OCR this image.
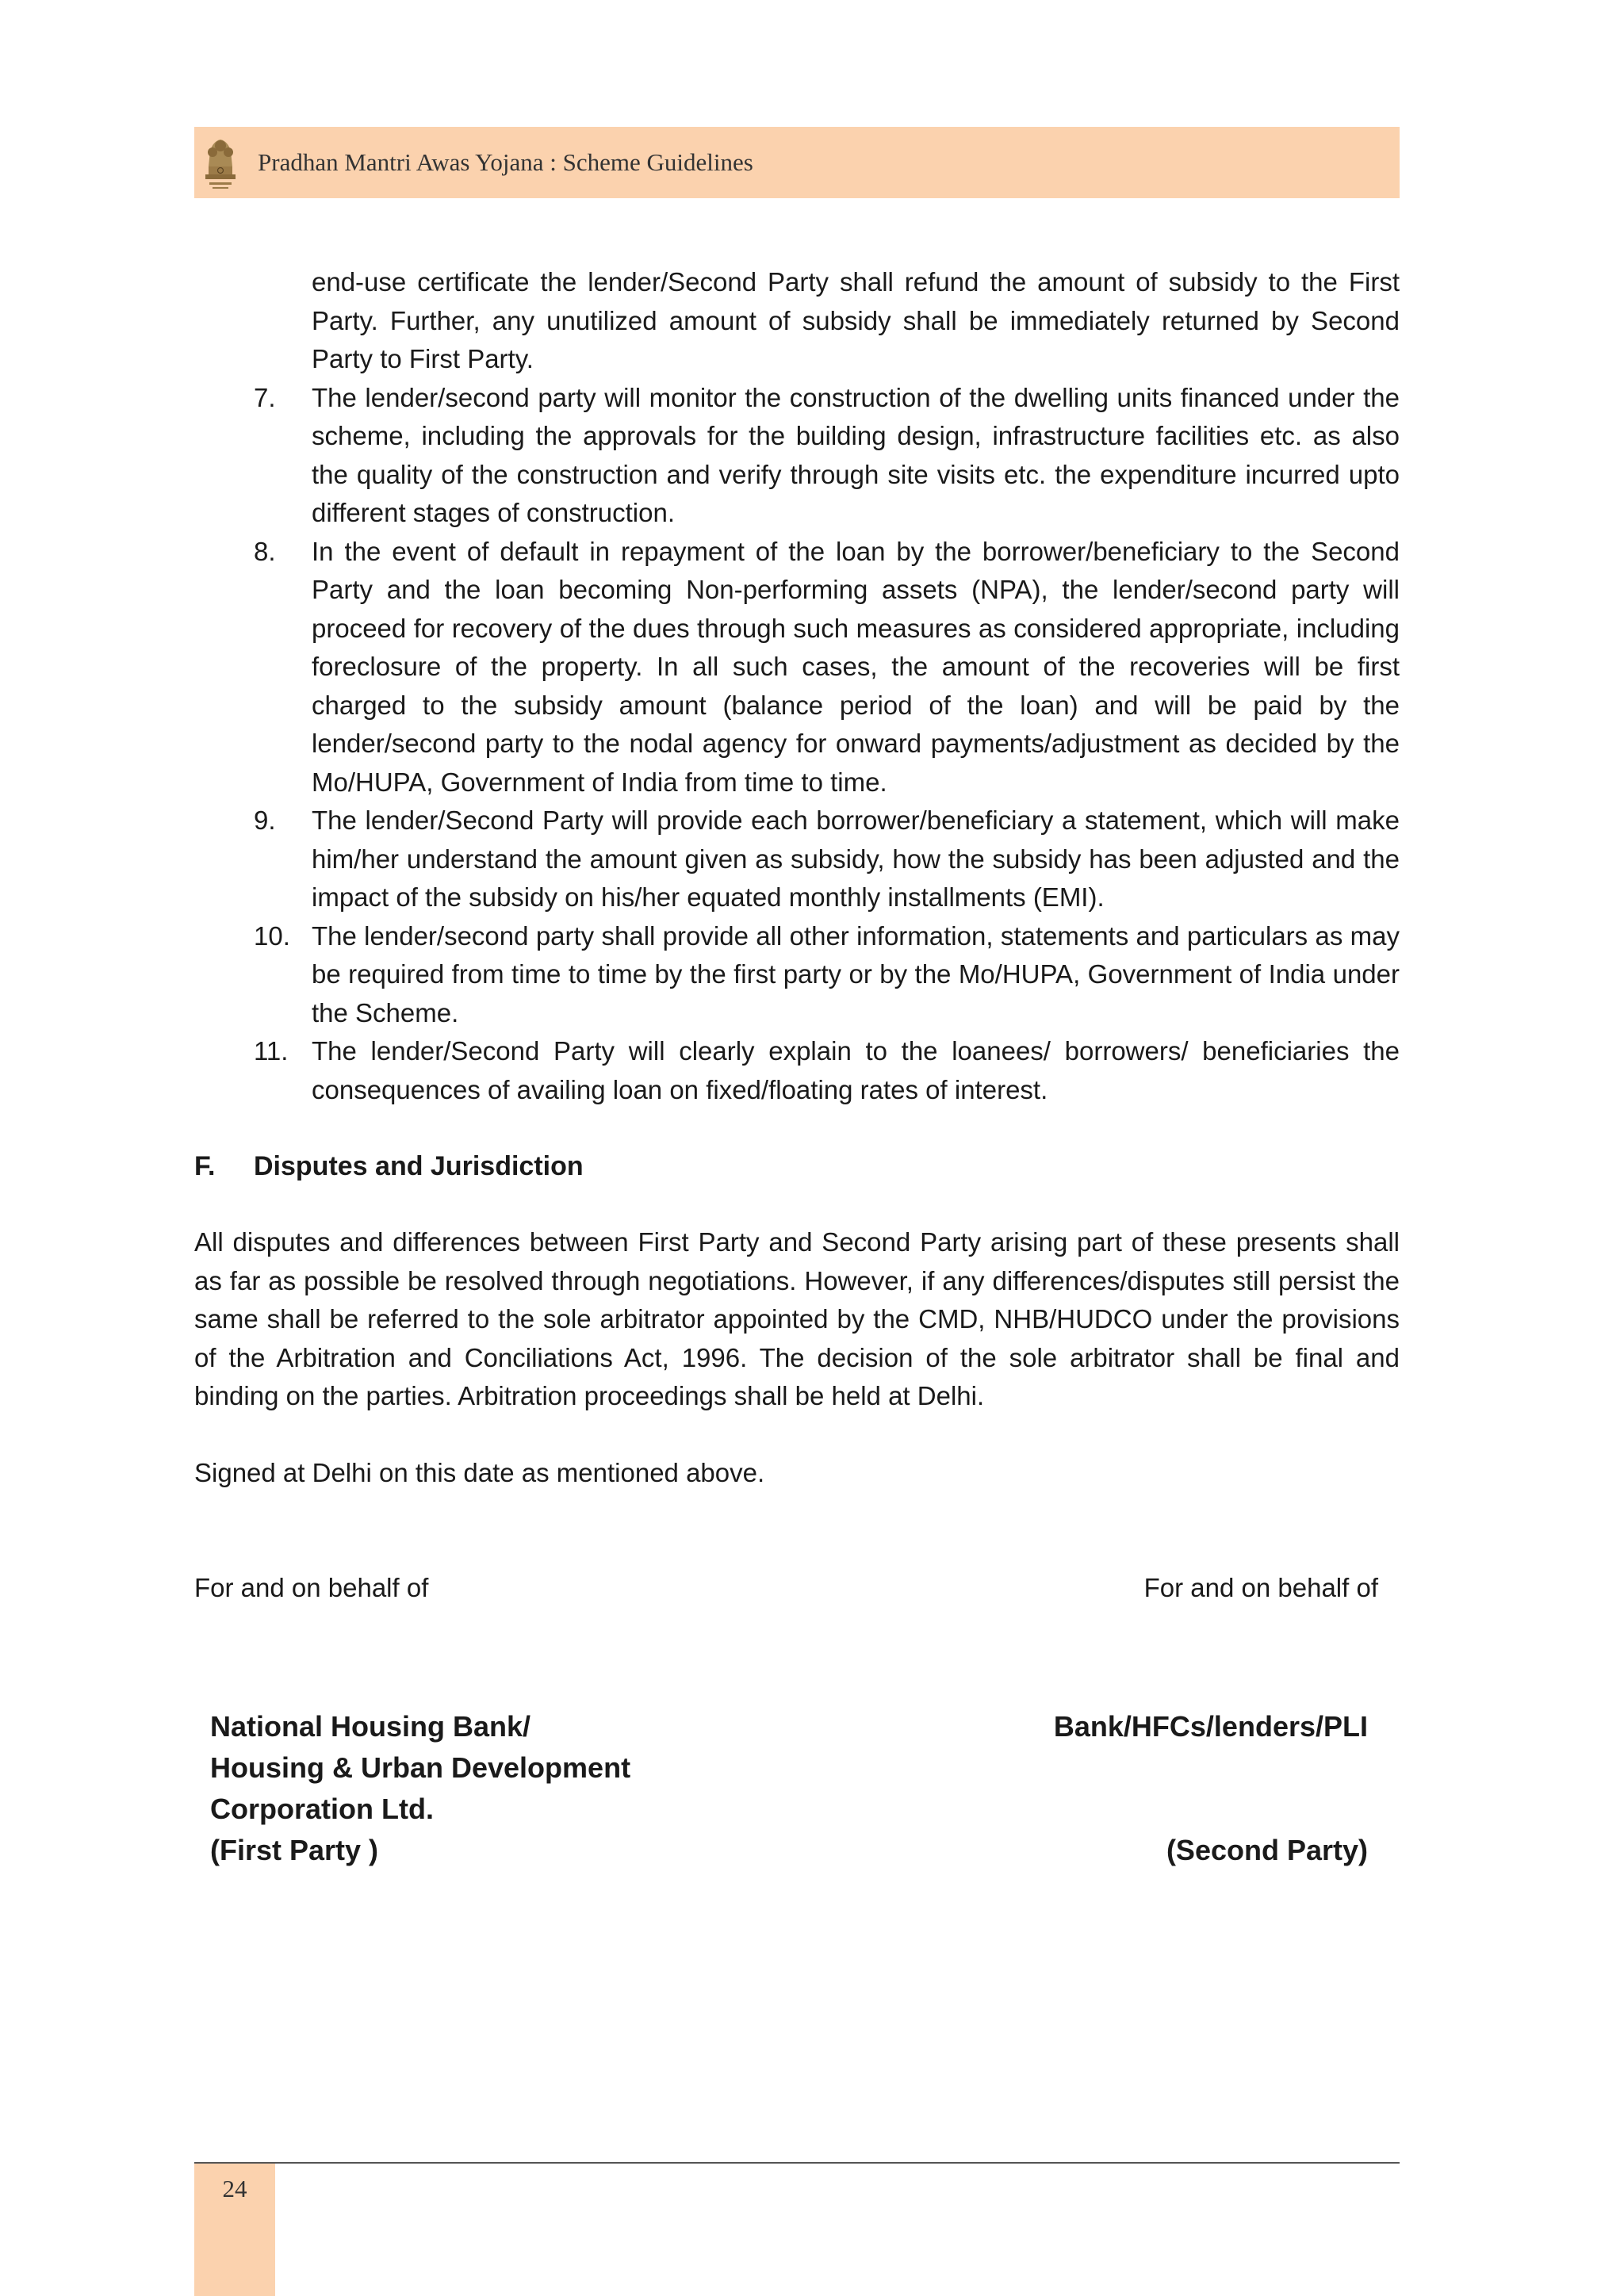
Pradhan Mantri Awas Yojana : Scheme Guidelines
end-use certificate the lender/Second Party shall refund the amount of subsidy to the First Party. Further, any unutilized amount of subsidy shall be immediately returned by Second Party to First Party.
7. The lender/second party will monitor the construction of the dwelling units financed under the scheme, including the approvals for the building design, infrastructure facilities etc. as also the quality of the construction and verify through site visits etc. the expenditure incurred upto different stages of construction.
8. In the event of default in repayment of the loan by the borrower/beneficiary to the Second Party and the loan becoming Non-performing assets (NPA), the lender/second party will proceed for recovery of the dues through such measures as considered appropriate, including foreclosure of the property. In all such cases, the amount of the recoveries will be first charged to the subsidy amount (balance period of the loan) and will be paid by the lender/second party to the nodal agency for onward payments/adjustment as decided by the Mo/HUPA, Government of India from time to time.
9. The lender/Second Party will provide each borrower/beneficiary a statement, which will make him/her understand the amount given as subsidy, how the subsidy has been adjusted and the impact of the subsidy on his/her equated monthly installments (EMI).
10. The lender/second party shall provide all other information, statements and particulars as may be required from time to time by the first party or by the Mo/HUPA, Government of India under the Scheme.
11. The lender/Second Party will clearly explain to the loanees/ borrowers/ beneficiaries the consequences of availing loan on fixed/floating rates of interest.
F. Disputes and Jurisdiction
All disputes and differences between First Party and Second Party arising part of these presents shall as far as possible be resolved through negotiations. However, if any differences/disputes still persist the same shall be referred to the sole arbitrator appointed by the CMD, NHB/HUDCO under the provisions of the Arbitration and Conciliations Act, 1996. The decision of the sole arbitrator shall be final and binding on the parties. Arbitration proceedings shall be held at Delhi.
Signed at Delhi on this date as mentioned above.
For and on behalf of	For and on behalf of
National Housing Bank/
Housing & Urban Development
Corporation Ltd.
(First Party )
Bank/HFCs/lenders/PLI
(Second Party)
24
